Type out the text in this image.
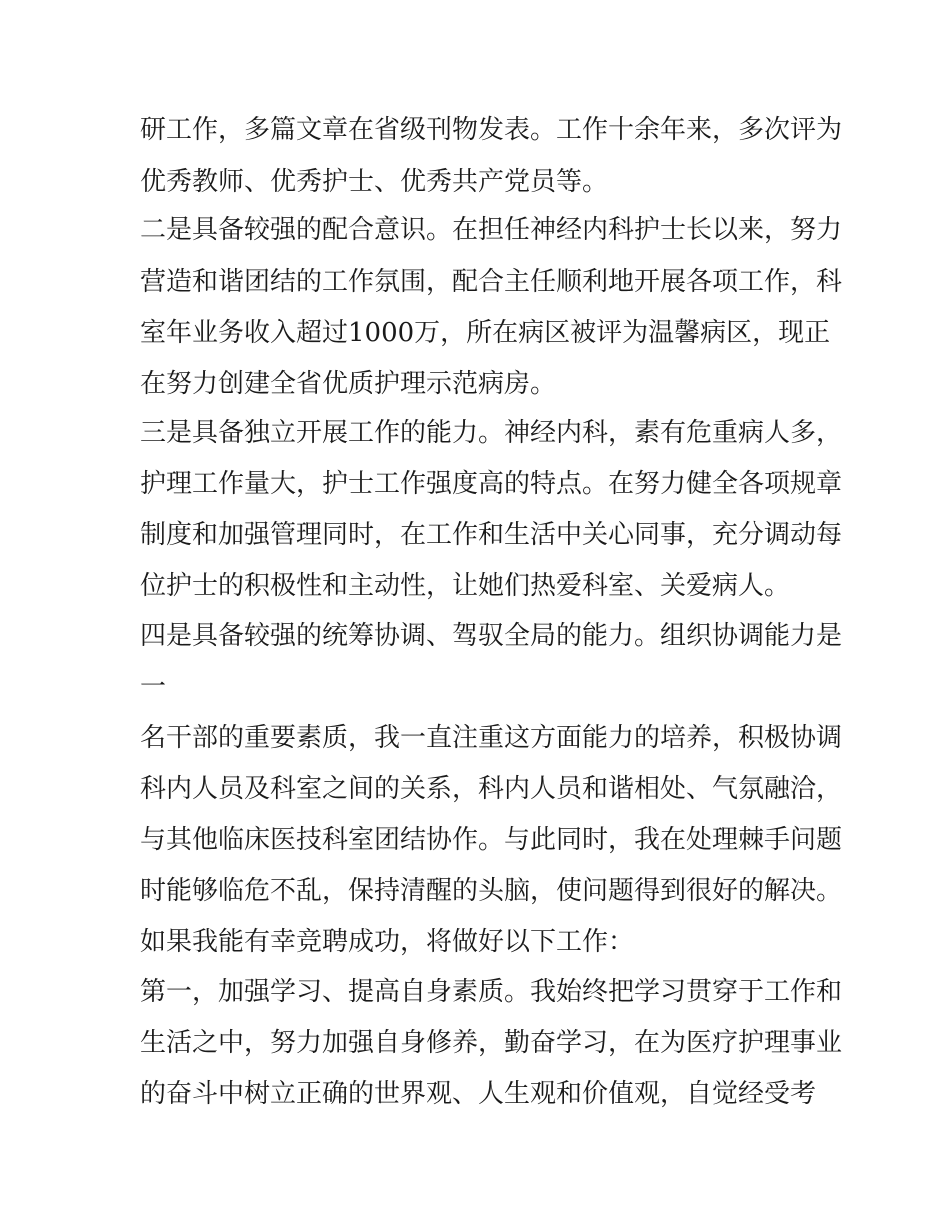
研工作，多篇文章在省级刊物发表。工作十余年来，多次评为
优秀教师、优秀护士、优秀共产党员等。
二是具备较强的配合意识。在担任神经内科护士长以来，努力
营造和谐团结的工作氛围，配合主任顺利地开展各项工作，科
室年业务收入超过1000万，所在病区被评为温馨病区，现正
在努力创建全省优质护理示范病房。
三是具备独立开展工作的能力。神经内科，素有危重病人多，
护理工作量大，护士工作强度高的特点。在努力健全各项规章
制度和加强管理同时，在工作和生活中关心同事，充分调动每
位护士的积极性和主动性，让她们热爱科室、关爱病人。
四是具备较强的统筹协调、驾驭全局的能力。组织协调能力是
一
名干部的重要素质，我一直注重这方面能力的培养，积极协调
科内人员及科室之间的关系，科内人员和谐相处、气氛融洽，
与其他临床医技科室团结协作。与此同时，我在处理棘手问题
时能够临危不乱，保持清醒的头脑，使问题得到很好的解决。
如果我能有幸竞聘成功，将做好以下工作：
第一，加强学习、提高自身素质。我始终把学习贯穿于工作和
生活之中，努力加强自身修养，勤奋学习，在为医疗护理事业
的奋斗中树立正确的世界观、人生观和价值观，自觉经受考
